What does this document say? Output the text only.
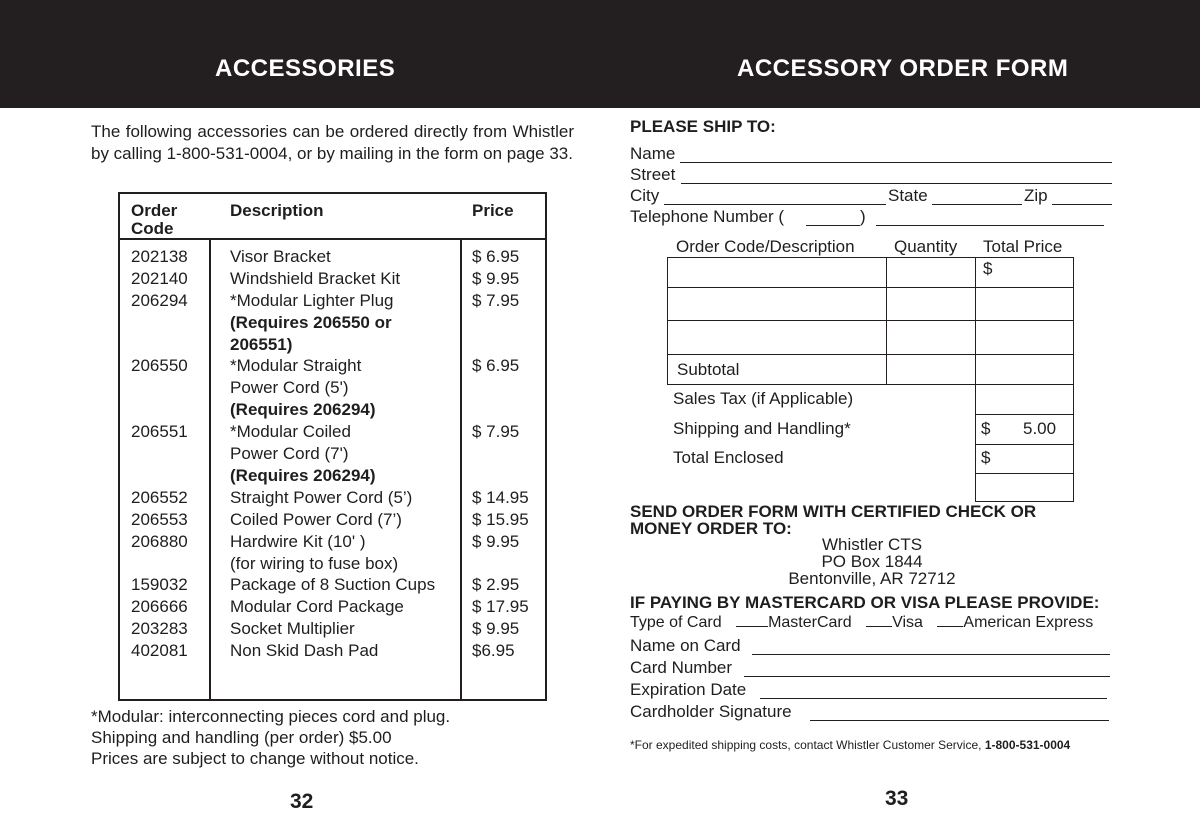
ACCESSORIES	ACCESSORY ORDER FORM
The following accessories can be ordered directly from Whistler by calling 1-800-531-0004, or by mailing in the form on page 33.
Order
Code
Description	Price
202138 Visor Bracket	$ 6.95
202140 Windshield Bracket Kit	$ 9.95
206294 *Modular Lighter Plug	$ 7.95
(Requires 206550 or
206551)
206550 *Modular Straight	$ 6.95
Power Cord (5')
(Requires 206294)
206551 *Modular Coiled	$ 7.95
Power Cord (7')
(Requires 206294)
206552 Straight Power Cord (5’)	$ 14.95
206553 Coiled Power Cord (7’)	$ 15.95
206880 Hardwire Kit (10' )	$ 9.95
(for wiring to fuse box)
159032 Package of 8 Suction Cups $ 2.95
206666 Modular Cord Package	$ 17.95
203283 Socket Multiplier	$ 9.95
402081 Non Skid Dash Pad	$6.95
*Modular: interconnecting pieces cord and plug.
Shipping and handling (per order) $5.00
Prices are subject to change without notice.
32
PLEASE SHIP TO:
Name
Street
City	State	Zip
Telephone Number (	)
Order Code/Description Quantity Total Price
$
Subtotal
Sales Tax (if Applicable)
Shipping and Handling*	$ 5.00
Total Enclosed	$
SEND ORDER FORM WITH CERTIFIED CHECK OR
MONEY ORDER TO:
Whistler CTS
PO Box 1844
Bentonville, AR 72712
IF PAYING BY MASTERCARD OR VISA PLEASE PROVIDE:
Type of Card	MasterCard	Visa	American Express
Name on Card
Card Number
Expiration Date
Cardholder Signature
*For expedited shipping costs, contact Whistler Customer Service, 1-800-531-0004
33
